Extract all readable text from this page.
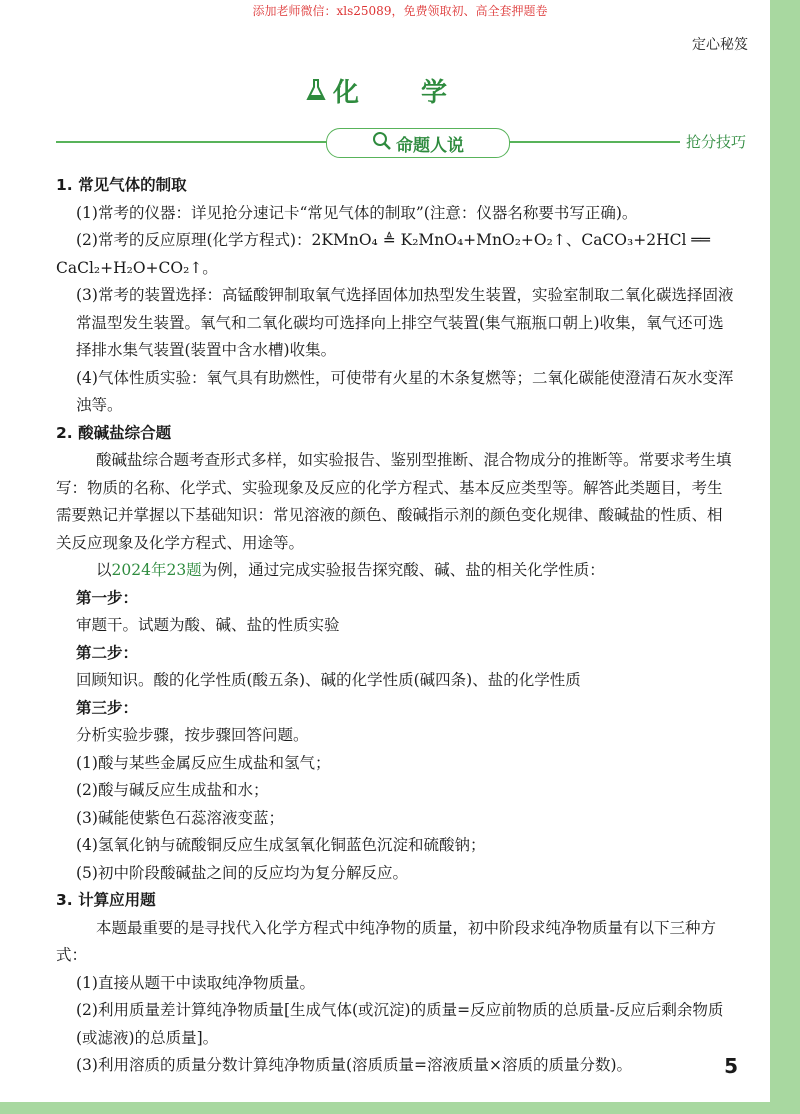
添加老师微信：xls25089，免费领取初、高全套押题卷
定心秘笈
化　学
命题人说	抢分技巧

1. 常见气体的制取

(1)常考的仪器：详见抢分速记卡“常见气体的制取”(注意：仪器名称要书写正确)。

(2)常考的反应原理(化学方程式)：2KMnO₄ ≜ K₂MnO₄+MnO₂+O₂↑、CaCO₃+2HCl ══

CaCl₂+H₂O+CO₂↑。

(3)常考的装置选择：高锰酸钾制取氧气选择固体加热型发生装置，实验室制取二氧化碳选择固液常温型发生装置。氧气和二氧化碳均可选择向上排空气装置(集气瓶瓶口朝上)收集，氧气还可选择排水集气装置(装置中含水槽)收集。

(4)气体性质实验：氧气具有助燃性，可使带有火星的木条复燃等；二氧化碳能使澄清石灰水变浑浊等。

2. 酸碱盐综合题

酸碱盐综合题考查形式多样，如实验报告、鉴别型推断、混合物成分的推断等。常要求考生填写：物质的名称、化学式、实验现象及反应的化学方程式、基本反应类型等。解答此类题目，考生需要熟记并掌握以下基础知识：常见溶液的颜色、酸碱指示剂的颜色变化规律、酸碱盐的性质、相关反应现象及化学方程式、用途等。

以2024年23题为例，通过完成实验报告探究酸、碱、盐的相关化学性质：

第一步：

审题干。试题为酸、碱、盐的性质实验

第二步：

回顾知识。酸的化学性质(酸五条)、碱的化学性质(碱四条)、盐的化学性质

第三步：

分析实验步骤，按步骤回答问题。

(1)酸与某些金属反应生成盐和氢气；

(2)酸与碱反应生成盐和水；

(3)碱能使紫色石蕊溶液变蓝；

(4)氢氧化钠与硫酸铜反应生成氢氧化铜蓝色沉淀和硫酸钠；

(5)初中阶段酸碱盐之间的反应均为复分解反应。

3. 计算应用题

本题最重要的是寻找代入化学方程式中纯净物的质量，初中阶段求纯净物质量有以下三种方式：

(1)直接从题干中读取纯净物质量。

(2)利用质量差计算纯净物质量[生成气体(或沉淀)的质量=反应前物质的总质量-反应后剩余物质(或滤液)的总质量]。

(3)利用溶质的质量分数计算纯净物质量(溶质质量=溶液质量×溶质的质量分数)。	5
